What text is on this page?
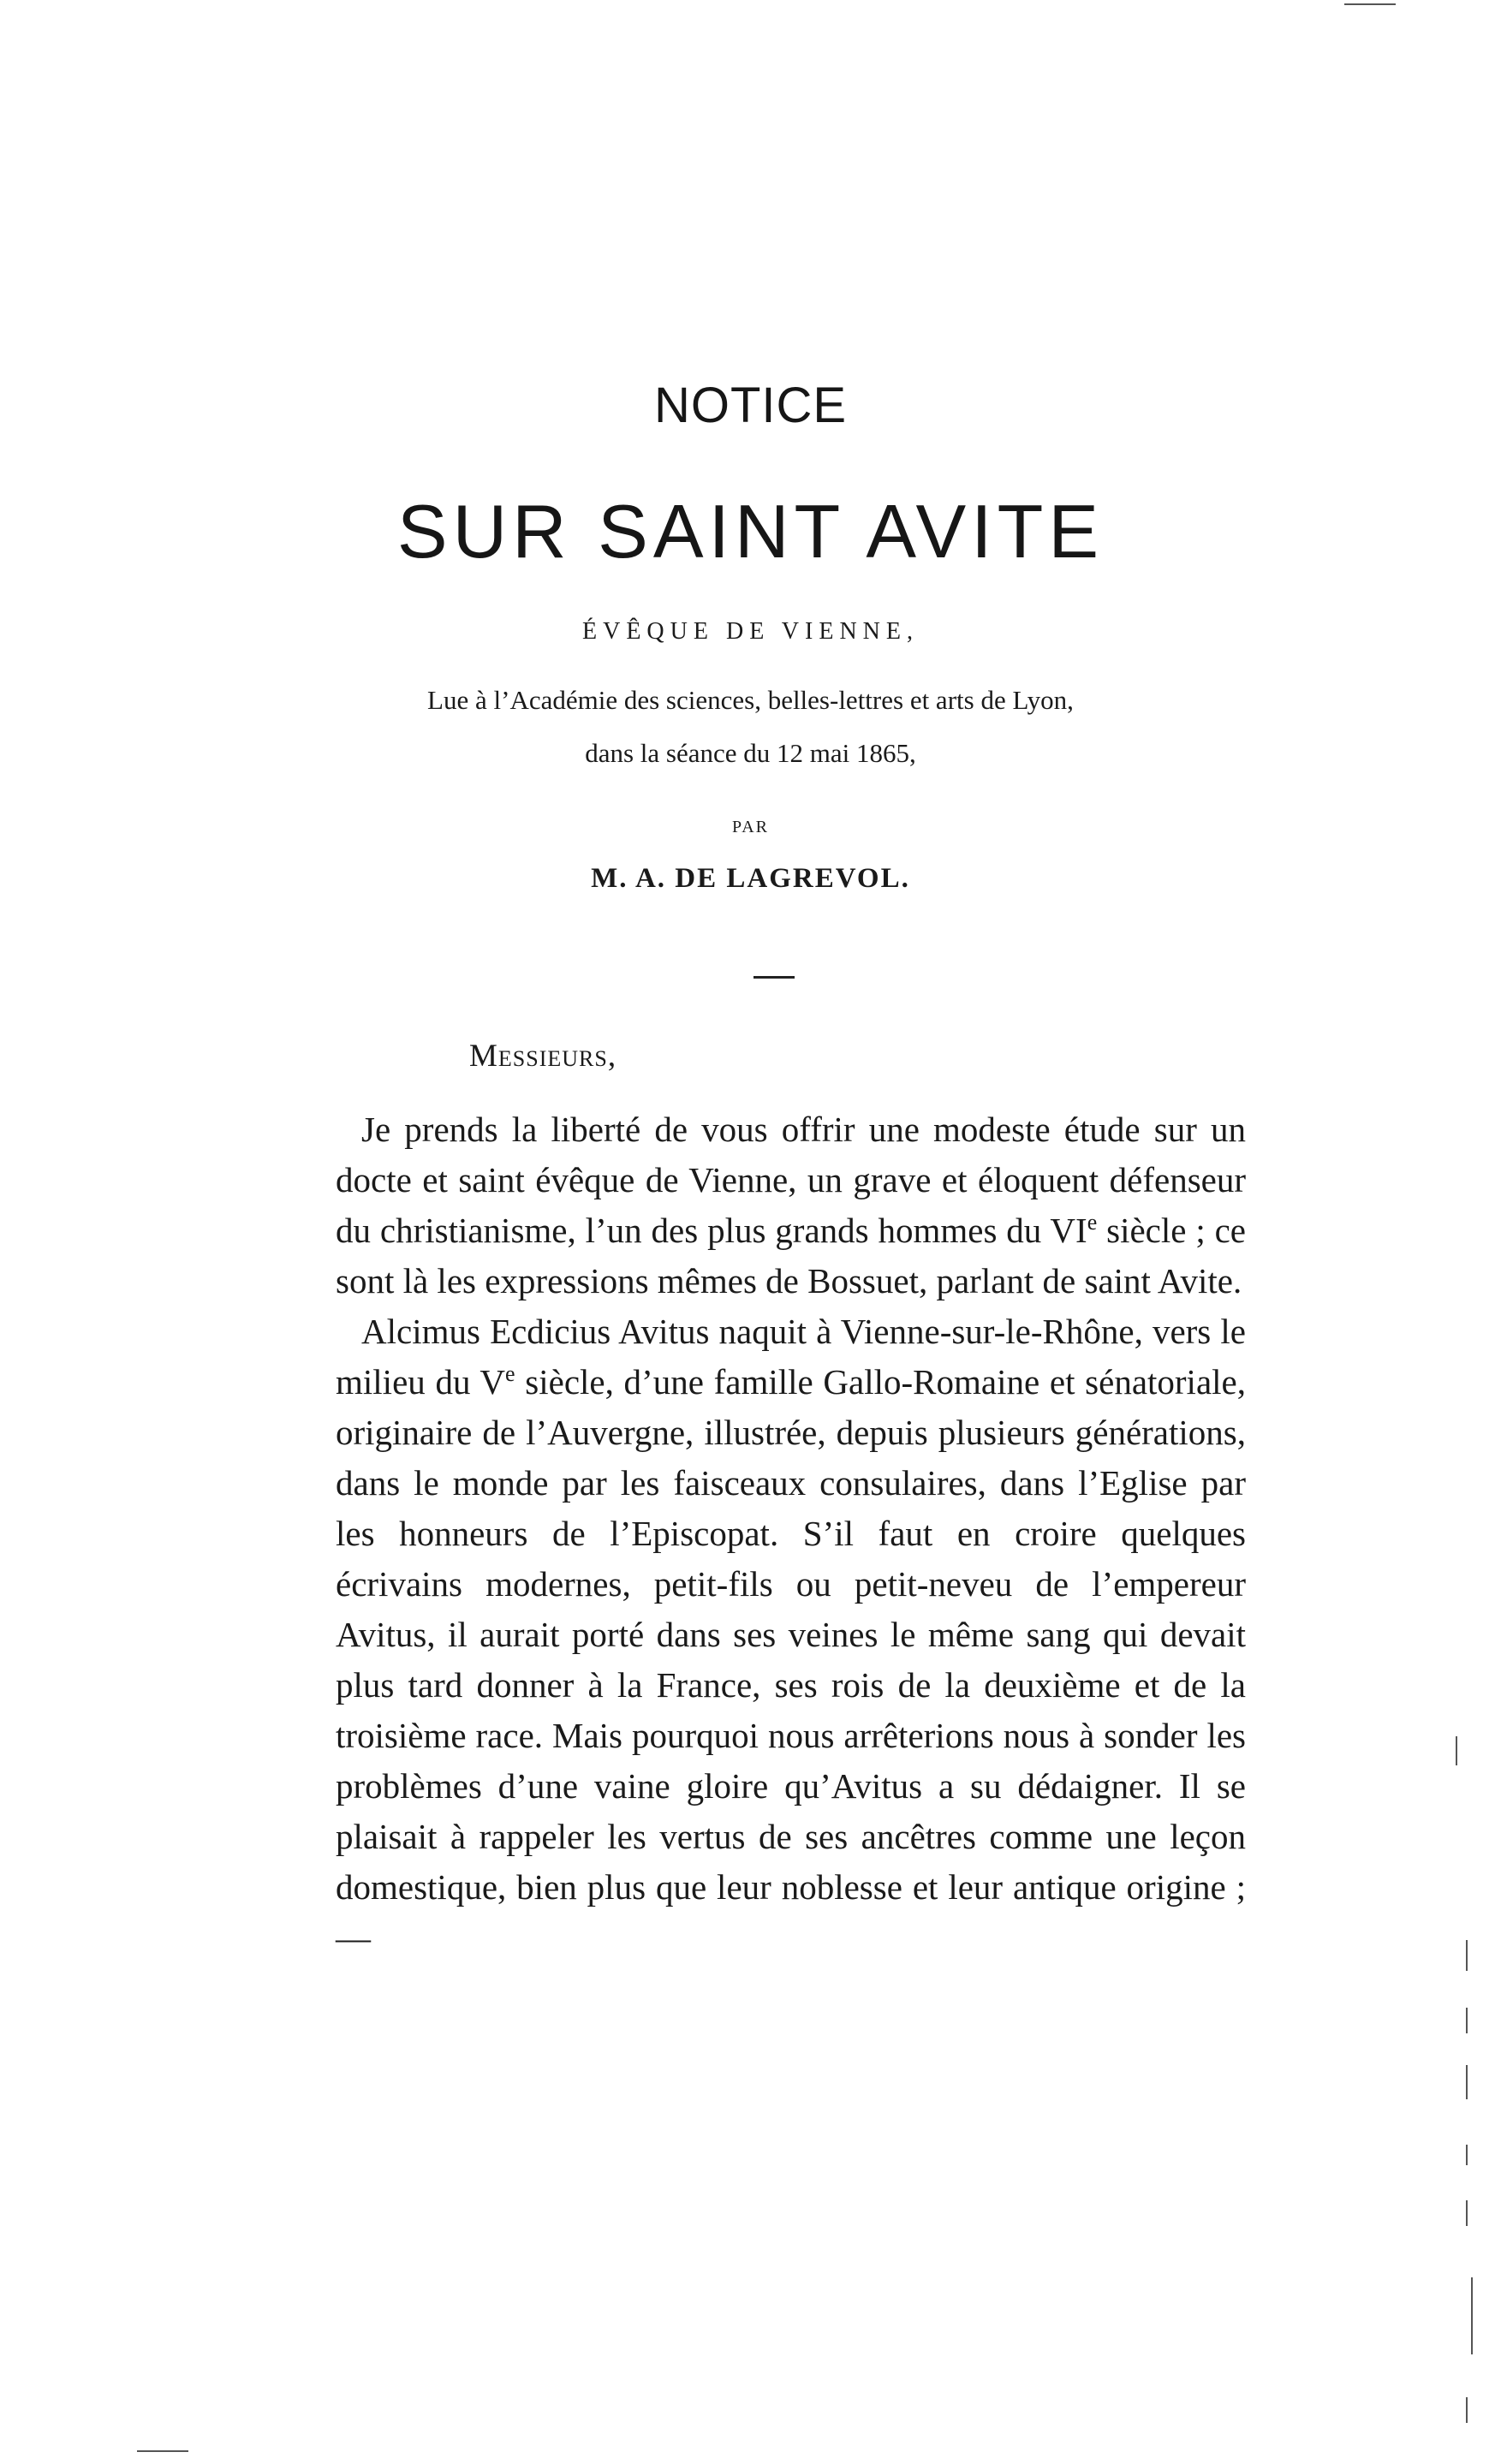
NOTICE
SUR SAINT AVITE
ÉVÊQUE DE VIENNE,
Lue à l’Académie des sciences, belles-lettres et arts de Lyon,
dans la séance du 12 mai 1865,
PAR
M. A. DE LAGREVOL.
Messieurs,

Je prends la liberté de vous offrir une modeste étude sur un docte et saint évêque de Vienne, un grave et éloquent défenseur du christianisme, l’un des plus grands hommes du VIe siècle ; ce sont là les expressions mêmes de Bossuet, parlant de saint Avite.

Alcimus Ecdicius Avitus naquit à Vienne-sur-le-Rhône, vers le milieu du Ve siècle, d’une famille Gallo-Romaine et sénatoriale, originaire de l’Auvergne, illustrée, depuis plusieurs générations, dans le monde par les faisceaux consulaires, dans l’Eglise par les honneurs de l’Episcopat. S’il faut en croire quelques écrivains modernes, petit-fils ou petit-neveu de l’empereur Avitus, il aurait porté dans ses veines le même sang qui devait plus tard donner à la France, ses rois de la deuxième et de la troisième race. Mais pourquoi nous arrêterions nous à sonder les problèmes d’une vaine gloire qu’Avitus a su dédaigner. Il se plaisait à rappeler les vertus de ses ancêtres comme une leçon domestique, bien plus que leur noblesse et leur antique origine ; —
